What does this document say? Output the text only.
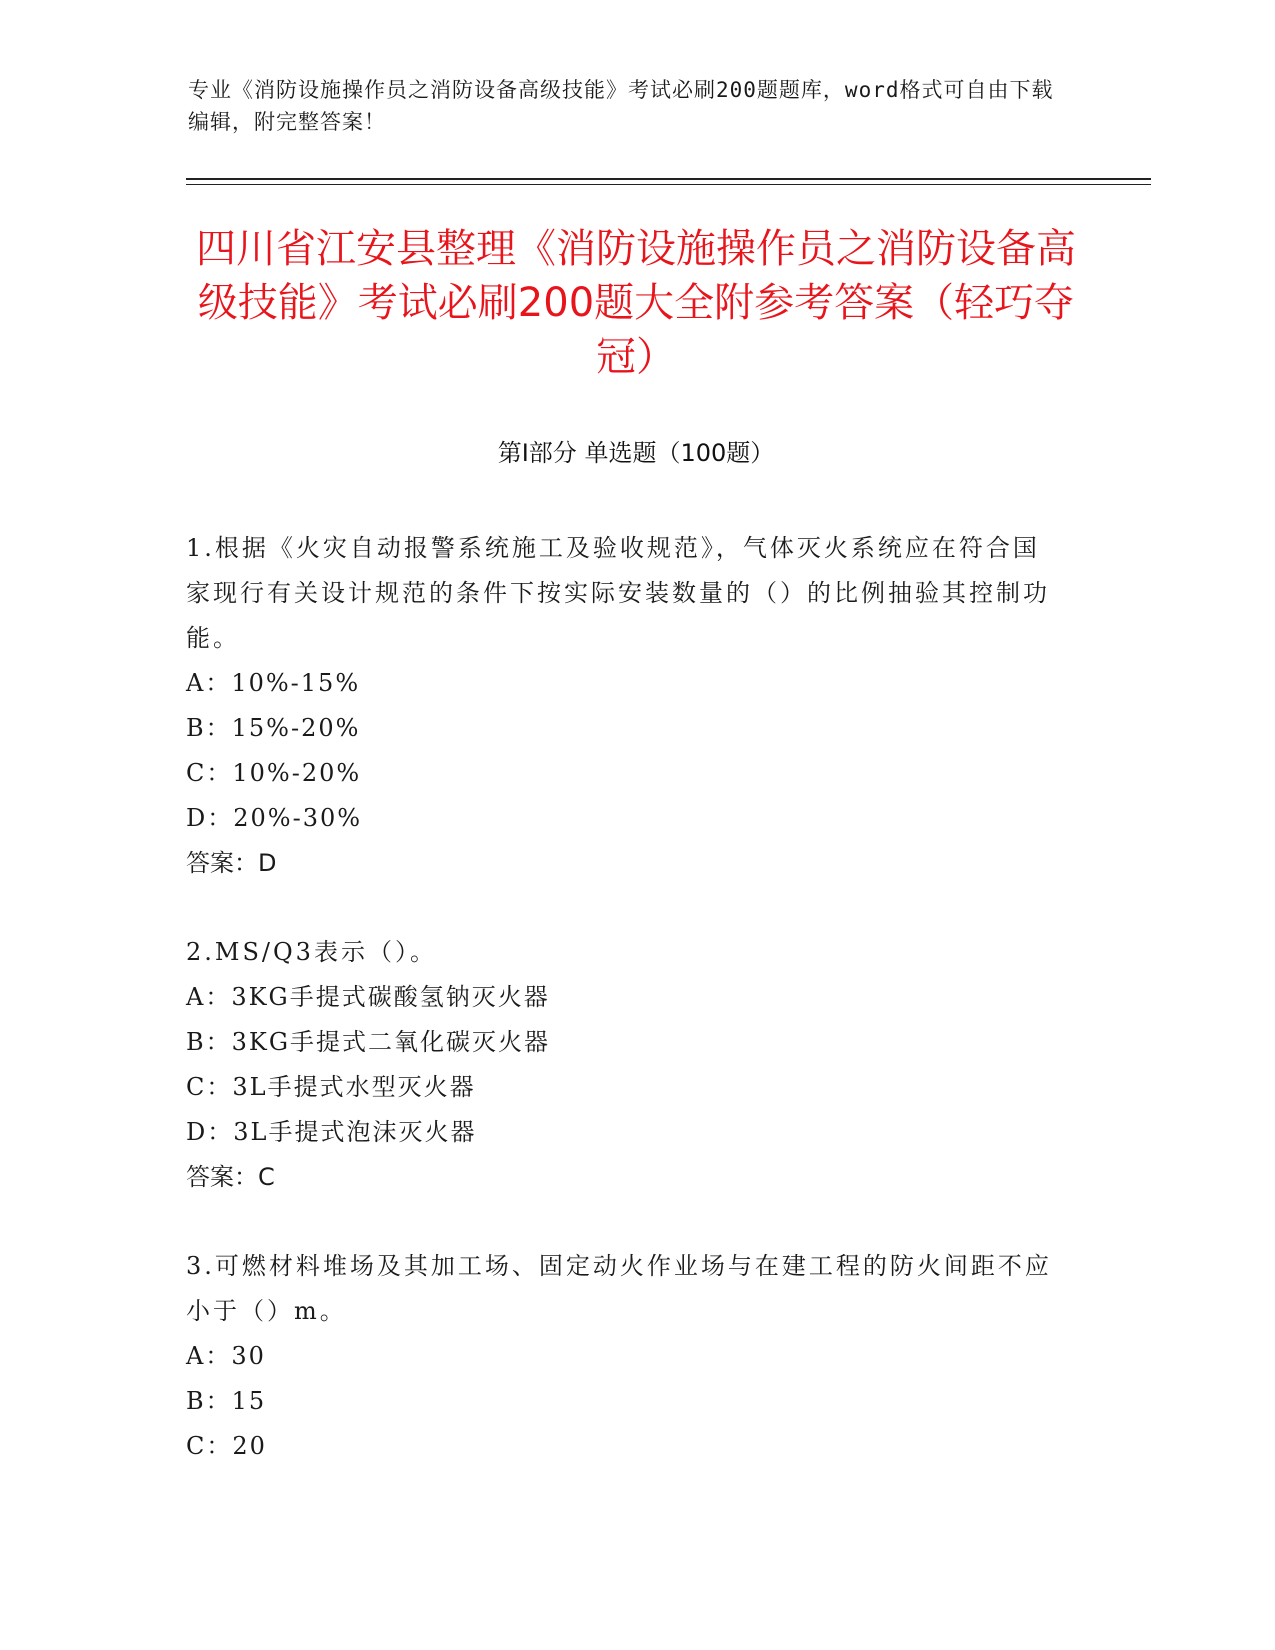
专业《消防设施操作员之消防设备高级技能》考试必刷200题题库，word格式可自由下载编辑，附完整答案！
四川省江安县整理《消防设施操作员之消防设备高级技能》考试必刷200题大全附参考答案（轻巧夺冠）
第I部分 单选题（100题）
1.根据《火灾自动报警系统施工及验收规范》，气体灭火系统应在符合国家现行有关设计规范的条件下按实际安装数量的（）的比例抽验其控制功能。
A：10%-15%
B：15%-20%
C：10%-20%
D：20%-30%
答案：D
2.MS/Q3表示（）。
A：3KG手提式碳酸氢钠灭火器
B：3KG手提式二氧化碳灭火器
C：3L手提式水型灭火器
D：3L手提式泡沫灭火器
答案：C
3.可燃材料堆场及其加工场、固定动火作业场与在建工程的防火间距不应小于（）m。
A：30
B：15
C：20
